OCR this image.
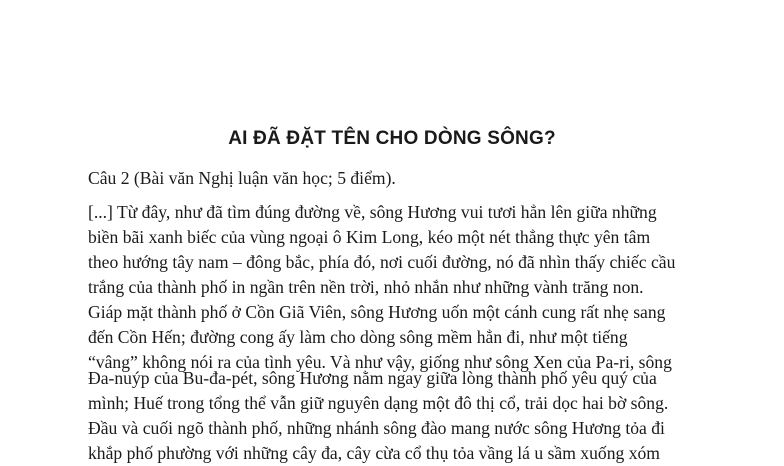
AI ĐÃ ĐẶT TÊN CHO DÒNG SÔNG?

Câu 2 (Bài văn Nghị luận văn học; 5 điểm).

[...] Từ đây, như đã tìm đúng đường về, sông Hương vui tươi hẳn lên giữa những
biền bãi xanh biếc của vùng ngoại ô Kim Long, kéo một nét thẳng thực yên tâm
theo hướng tây nam – đông bắc, phía đó, nơi cuối đường, nó đã nhìn thấy chiếc cầu
trắng của thành phố in ngần trên nền trời, nhỏ nhắn như những vành trăng non.
Giáp mặt thành phố ở Cồn Giã Viên, sông Hương uốn một cánh cung rất nhẹ sang
đến Cồn Hến; đường cong ấy làm cho dòng sông mềm hẳn đi, như một tiếng
“vâng” không nói ra của tình yêu. Và như vậy, giống như sông Xen của Pa-ri, sông
Đa-nuýp của Bu-đa-pét, sông Hương nằm ngay giữa lòng thành phố yêu quý của
mình; Huế trong tổng thể vẫn giữ nguyên dạng một đô thị cổ, trải dọc hai bờ sông.
Đầu và cuối ngõ thành phố, những nhánh sông đào mang nước sông Hương tỏa đi
khắp phố phường với những cây đa, cây cừa cổ thụ tỏa vầng lá u sầm xuống xóm
